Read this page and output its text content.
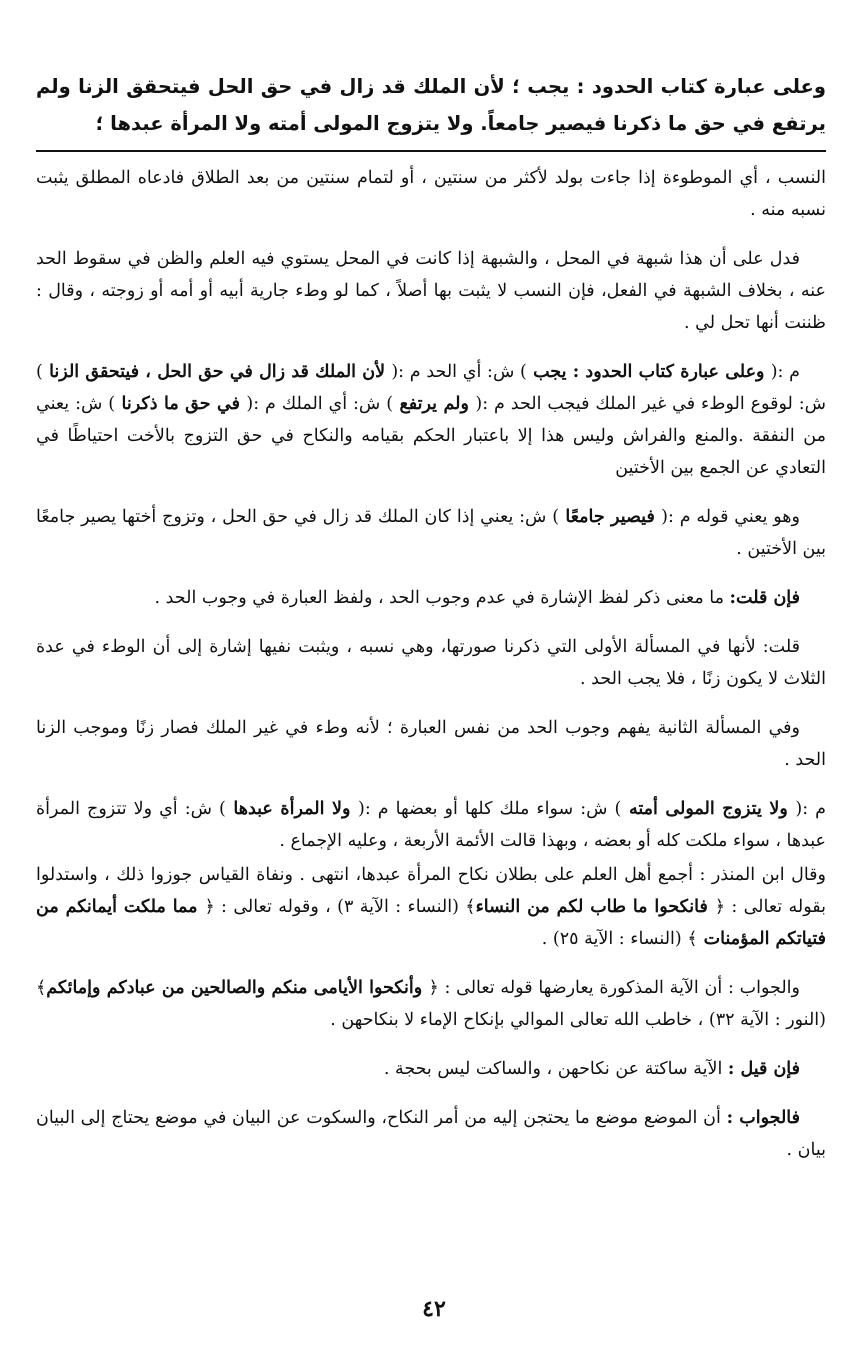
وعلى عبارة كتاب الحدود : يجب ؛ لأن الملك قد زال في حق الحل فيتحقق الزنا ولم يرتفع في حق ما ذكرنا فيصير جامعاً. ولا يتزوج المولى أمته ولا المرأة عبدها ؛

النسب ، أي الموطوءة إذا جاءت بولد لأكثر من سنتين ، أو لتمام سنتين من بعد الطلاق فادعاه المطلق يثبت نسبه منه .

فدل على أن هذا شبهة في المحل ، والشبهة إذا كانت في المحل يستوي فيه العلم والظن في سقوط الحد عنه ، بخلاف الشبهة في الفعل، فإن النسب لا يثبت بها أصلاً ، كما لو وطء جارية أبيه أو أمه أو زوجته ، وقال : ظننت أنها تحل لي .

م :( وعلى عبارة كتاب الحدود : يجب ) ش: أي الحد م :( لأن الملك قد زال في حق الحل ، فيتحقق الزنا ) ش: لوقوع الوطء في غير الملك فيجب الحد م :( ولم يرتفع ) ش: أي الملك م :( في حق ما ذكرنا ) ش: يعني من النفقة .والمنع والفراش وليس هذا إلا باعتبار الحكم بقيامه والنكاح في حق التزوج بالأخت احتياطًا في التعادي عن الجمع بين الأختين

وهو يعني قوله م :( فيصير جامعًا ) ش: يعني إذا كان الملك قد زال في حق الحل ، وتزوج أختها يصير جامعًا بين الأختين .

فإن قلت: ما معنى ذكر لفظ الإشارة في عدم وجوب الحد ، ولفظ العبارة في وجوب الحد .

قلت: لأنها في المسألة الأولى التي ذكرنا صورتها، وهي نسبه ، ويثبت نفيها إشارة إلى أن الوطء في عدة الثلاث لا يكون زنًا ، فلا يجب الحد .

وفي المسألة الثانية يفهم وجوب الحد من نفس العبارة ؛ لأنه وطء في غير الملك فصار زنًا وموجب الزنا الحد .

م :( ولا يتزوج المولى أمته ) ش: سواء ملك كلها أو بعضها م :( ولا المرأة عبدها ) ش: أي ولا تتزوج المرأة عبدها ، سواء ملكت كله أو بعضه ، وبهذا قالت الأئمة الأربعة ، وعليه الإجماع .

وقال ابن المنذر : أجمع أهل العلم على بطلان نكاح المرأة عبدها، انتهى . ونفاة القياس جوزوا ذلك ، واستدلوا بقوله تعالى : ﴿ فانكحوا ما طاب لكم من النساء﴾ (النساء : الآية ٣) ، وقوله تعالى : ﴿ مما ملكت أيمانكم من فتياتكم المؤمنات ﴾ (النساء : الآية ٢٥) .

والجواب : أن الآية المذكورة يعارضها قوله تعالى : ﴿ وأنكحوا الأيامى منكم والصالحين من عبادكم وإمائكم﴾ (النور : الآية ٣٢) ، خاطب الله تعالى الموالي بإنكاح الإماء لا بنكاحهن .

فإن قيل : الآية ساكتة عن نكاحهن ، والساكت ليس بحجة .

فالجواب : أن الموضع موضع ما يحتجن إليه من أمر النكاح، والسكوت عن البيان في موضع يحتاج إلى البيان بيان .

٤٢
